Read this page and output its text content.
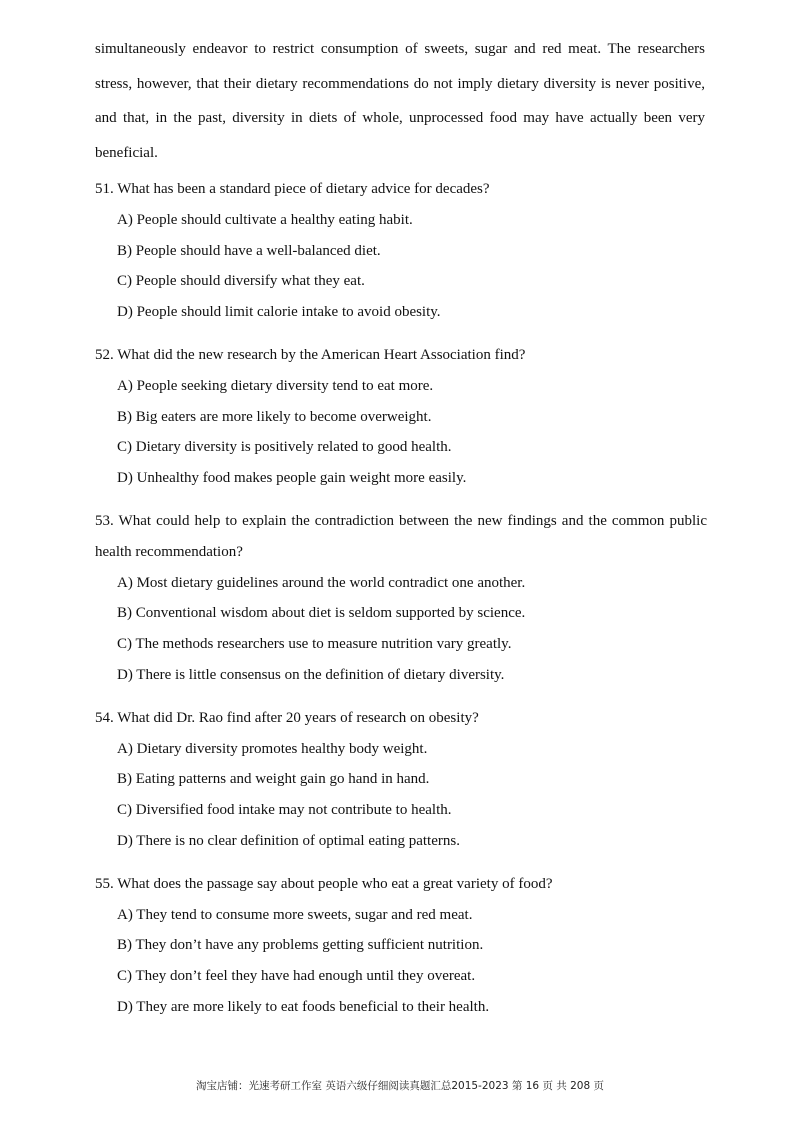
simultaneously endeavor to restrict consumption of sweets, sugar and red meat. The researchers stress, however, that their dietary recommendations do not imply dietary diversity is never positive, and that, in the past, diversity in diets of whole, unprocessed food may have actually been very beneficial.

51. What has been a standard piece of dietary advice for decades?

A) People should cultivate a healthy eating habit.

B) People should have a well-balanced diet.

C) People should diversify what they eat.

D) People should limit calorie intake to avoid obesity.

52. What did the new research by the American Heart Association find?

A) People seeking dietary diversity tend to eat more.

B) Big eaters are more likely to become overweight.

C) Dietary diversity is positively related to good health.

D) Unhealthy food makes people gain weight more easily.

53. What could help to explain the contradiction between the new findings and the common public health recommendation?

A) Most dietary guidelines around the world contradict one another.

B) Conventional wisdom about diet is seldom supported by science.

C) The methods researchers use to measure nutrition vary greatly.

D) There is little consensus on the definition of dietary diversity.

54. What did Dr. Rao find after 20 years of research on obesity?

A) Dietary diversity promotes healthy body weight.

B) Eating patterns and weight gain go hand in hand.

C) Diversified food intake may not contribute to health.

D) There is no clear definition of optimal eating patterns.

55. What does the passage say about people who eat a great variety of food?

A) They tend to consume more sweets, sugar and red meat.

B) They don’t have any problems getting sufficient nutrition.

C) They don’t feel they have had enough until they overeat.

D) They are more likely to eat foods beneficial to their health.

淘宝店铺：光速考研工作室 英语六级仔细阅读真题汇总2015-2023 第 16 页 共 208 页
